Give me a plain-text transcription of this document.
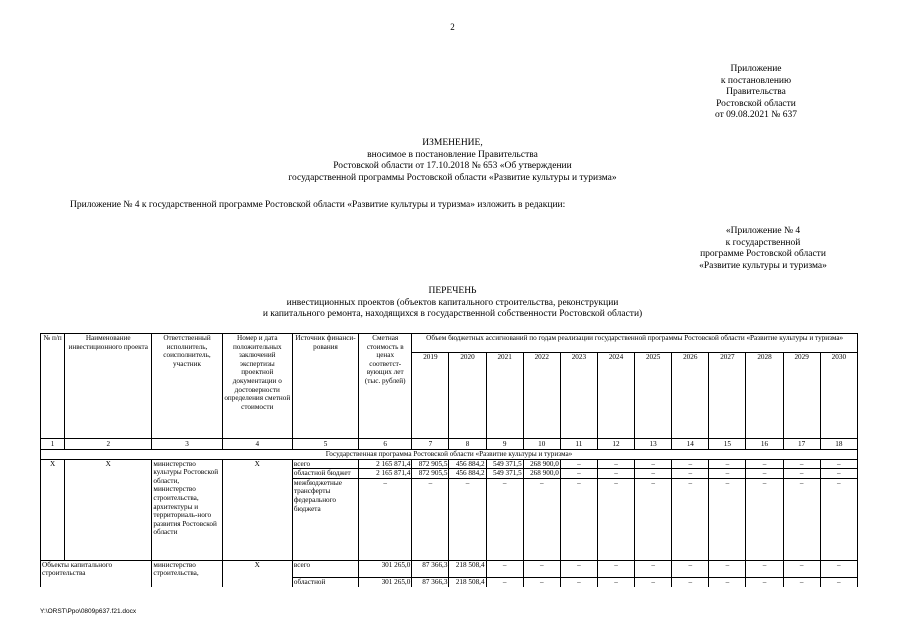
2
Приложение
к постановлению
Правительства
Ростовской области
от 09.08.2021 № 637
ИЗМЕНЕНИЕ,
вносимое в постановление Правительства
Ростовской области от 17.10.2018 № 653 «Об утверждении
государственной программы Ростовской области «Развитие культуры и туризма»
Приложение № 4 к государственной программе Ростовской области «Развитие культуры и туризма» изложить в редакции:
«Приложение № 4
к государственной
программе Ростовской области
«Развитие культуры и туризма»
ПЕРЕЧЕНЬ
инвестиционных проектов (объектов капитального строительства, реконструкции
и капитального ремонта, находящихся в государственной собственности Ростовской области)
№ п/п	Наименование инвестиционного проекта	Ответственный исполнитель, соисполнитель, участник	Номер и дата положительных заключений экспертизы проектной документации о достоверности определения сметной стоимости	Источник финанси-рования	Сметная стоимость в ценах соответст-вующих лет (тыс. рублей)	Объем бюджетных ассигнований по годам реализации государственной программы Ростовской области «Развитие культуры и туризма»											
						2019	2020	2021	2022	2023	2024	2025	2026	2027	2028	2029	2030
1	2	3	4	5	6	7	8	9	10	11	12	13	14	15	16	17	18
Государственная программа Ростовской области «Развитие культуры и туризма»																	
Х	Х	министерство культуры Ростовской области, министерство строительства, архитектуры и территориаль-ного развития Ростовской области	Х	всего	2 165 871,4	872 905,5	456 884,2	549 371,5	268 900,0	–	–	–	–	–	–	–	–
				областной бюджет	2 165 871,4	872 905,5	456 884,2	549 371,5	268 900,0	–	–	–	–	–	–	–	–
				межбюджетные трансферты федерального бюджета	–	–	–	–	–	–	–	–	–	–	–	–	–
Объекты капитального строительства		министерство строительства,	Х	всего	301 265,0	87 366,3	218 508,4	–	–	–	–	–	–	–	–	–	–
				областной	301 265,0	87 366,3	218 508,4	–	–	–	–	–	–	–	–	–	–
Y:\ORST\Ppo\0809p637.f21.docx
